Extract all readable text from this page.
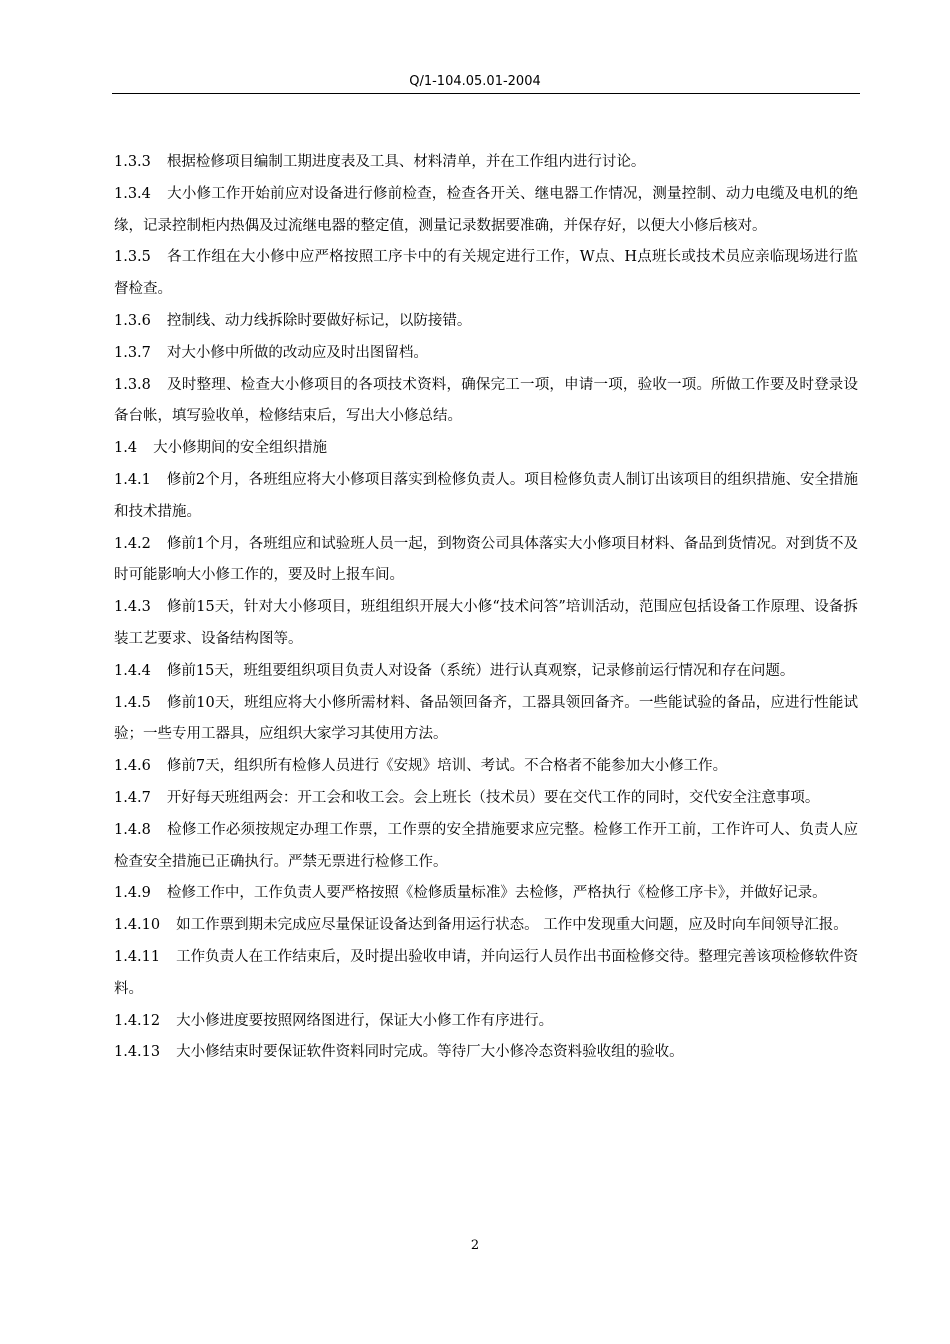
Q/1-104.05.01-2004

1.3.3 根据检修项目编制工期进度表及工具、材料清单，并在工作组内进行讨论。

1.3.4 大小修工作开始前应对设备进行修前检查，检查各开关、继电器工作情况，测量控制、动力电缆及电机的绝缘，记录控制柜内热偶及过流继电器的整定值，测量记录数据要准确，并保存好，以便大小修后核对。

1.3.5 各工作组在大小修中应严格按照工序卡中的有关规定进行工作，W点、H点班长或技术员应亲临现场进行监督检查。

1.3.6 控制线、动力线拆除时要做好标记，以防接错。

1.3.7 对大小修中所做的改动应及时出图留档。

1.3.8 及时整理、检查大小修项目的各项技术资料，确保完工一项，申请一项，验收一项。所做工作要及时登录设备台帐，填写验收单，检修结束后，写出大小修总结。

1.4 大小修期间的安全组织措施

1.4.1 修前2个月，各班组应将大小修项目落实到检修负责人。项目检修负责人制订出该项目的组织措施、安全措施和技术措施。

1.4.2 修前1个月，各班组应和试验班人员一起，到物资公司具体落实大小修项目材料、备品到货情况。对到货不及时可能影响大小修工作的，要及时上报车间。

1.4.3 修前15天，针对大小修项目，班组组织开展大小修“技术问答”培训活动，范围应包括设备工作原理、设备拆装工艺要求、设备结构图等。

1.4.4 修前15天，班组要组织项目负责人对设备（系统）进行认真观察，记录修前运行情况和存在问题。

1.4.5 修前10天，班组应将大小修所需材料、备品领回备齐，工器具领回备齐。一些能试验的备品，应进行性能试验；一些专用工器具，应组织大家学习其使用方法。

1.4.6 修前7天，组织所有检修人员进行《安规》培训、考试。不合格者不能参加大小修工作。

1.4.7 开好每天班组两会：开工会和收工会。会上班长（技术员）要在交代工作的同时，交代安全注意事项。

1.4.8 检修工作必须按规定办理工作票，工作票的安全措施要求应完整。检修工作开工前，工作许可人、负责人应检查安全措施已正确执行。严禁无票进行检修工作。

1.4.9 检修工作中，工作负责人要严格按照《检修质量标准》去检修，严格执行《检修工序卡》，并做好记录。

1.4.10 如工作票到期未完成应尽量保证设备达到备用运行状态。 工作中发现重大问题，应及时向车间领导汇报。

1.4.11 工作负责人在工作结束后，及时提出验收申请，并向运行人员作出书面检修交待。整理完善该项检修软件资料。

1.4.12 大小修进度要按照网络图进行，保证大小修工作有序进行。

1.4.13 大小修结束时要保证软件资料同时完成。等待厂大小修冷态资料验收组的验收。

2
